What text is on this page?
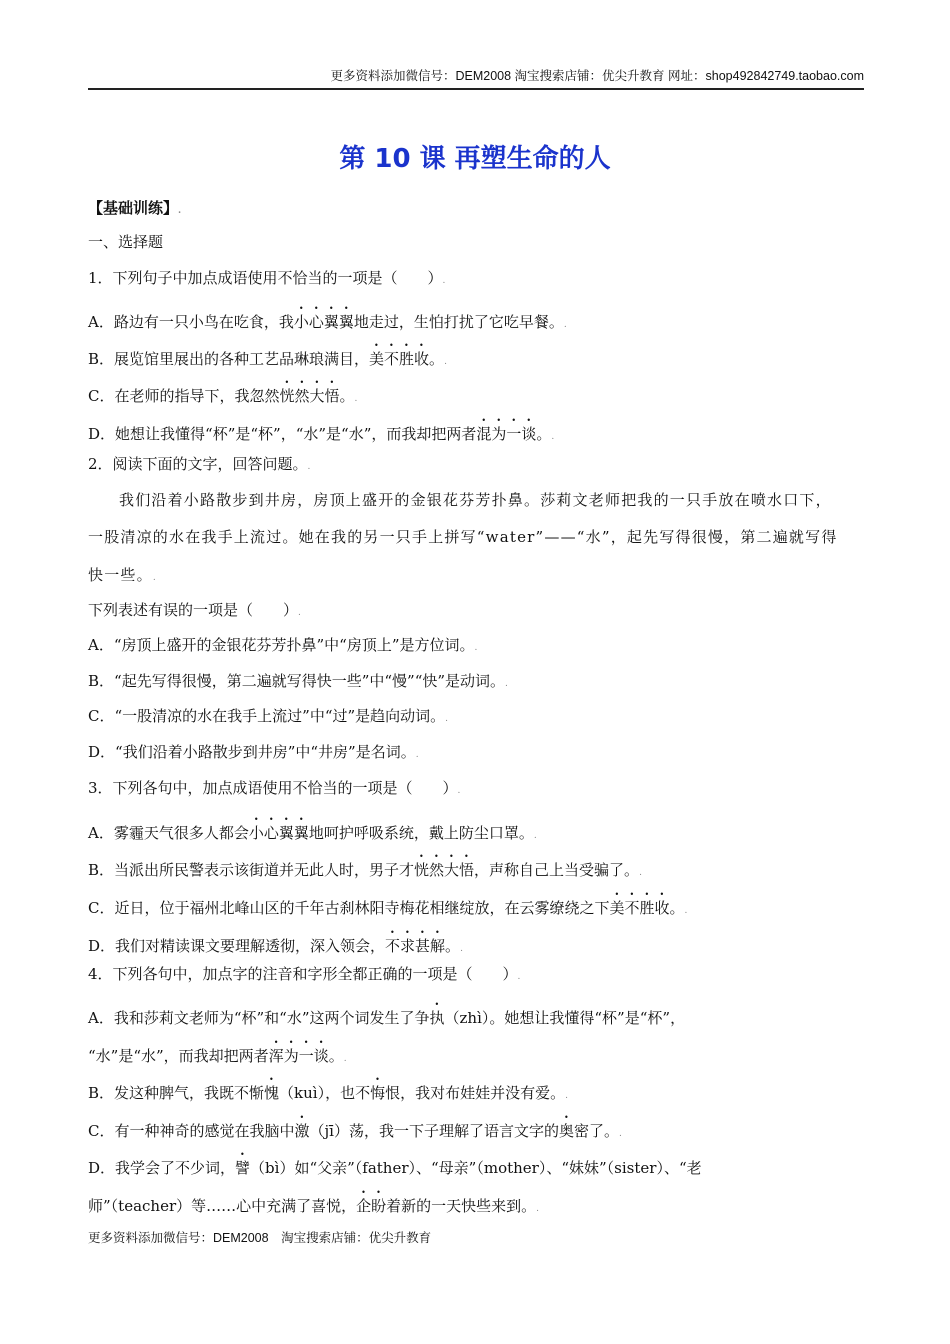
更多资料添加微信号：DEM2008 淘宝搜索店铺：优尖升教育 网址：shop492842749.taobao.com
第 10 课 再塑生命的人
【基础训练】.
一、选择题
1．下列句子中加点成语使用不恰当的一项是（　　）.
A．路边有一只小鸟在吃食，我小心翼翼地走过，生怕打扰了它吃早餐。.
B．展览馆里展出的各种工艺品琳琅满目，美不胜收。.
C．在老师的指导下，我忽然恍然大悟。.
D．她想让我懂得“杯”是“杯”，“水”是“水”，而我却把两者混为一谈。.
2．阅读下面的文字，回答问题。.
我们沿着小路散步到井房，房顶上盛开的金银花芬芳扑鼻。莎莉文老师把我的一只手放在喷水口下，
一股清凉的水在我手上流过。她在我的另一只手上拼写“water”——“水”，起先写得很慢，第二遍就写得
快一些。.
下列表述有误的一项是（　　）.
A．“房顶上盛开的金银花芬芳扑鼻”中“房顶上”是方位词。.
B．“起先写得很慢，第二遍就写得快一些”中“慢”“快”是动词。.
C．“一股清凉的水在我手上流过”中“过”是趋向动词。.
D．“我们沿着小路散步到井房”中“井房”是名词。.
3．下列各句中，加点成语使用不恰当的一项是（　　）.
A．雾霾天气很多人都会小心翼翼地呵护呼吸系统，戴上防尘口罩。.
B．当派出所民警表示该街道并无此人时，男子才恍然大悟，声称自己上当受骗了。.
C．近日，位于福州北峰山区的千年古刹林阳寺梅花相继绽放，在云雾缭绕之下美不胜收。.
D．我们对精读课文要理解透彻，深入领会，不求甚解。.
4．下列各句中，加点字的注音和字形全都正确的一项是（　　）.
A．我和莎莉文老师为“杯”和“水”这两个词发生了争执（zhì）。她想让我懂得“杯”是“杯”，
“水”是“水”，而我却把两者浑为一谈。.
B．发这种脾气，我既不惭愧（kuì），也不悔恨，我对布娃娃并没有爱。.
C．有一种神奇的感觉在我脑中激（jī）荡，我一下子理解了语言文字的奥密了。.
D．我学会了不少词，譬（bì）如“父亲”（father）、“母亲”（mother）、“妹妹”（sister）、“老
师”（teacher）等……心中充满了喜悦，企盼着新的一天快些来到。.
更多资料添加微信号：DEM2008　淘宝搜索店铺：优尖升教育
